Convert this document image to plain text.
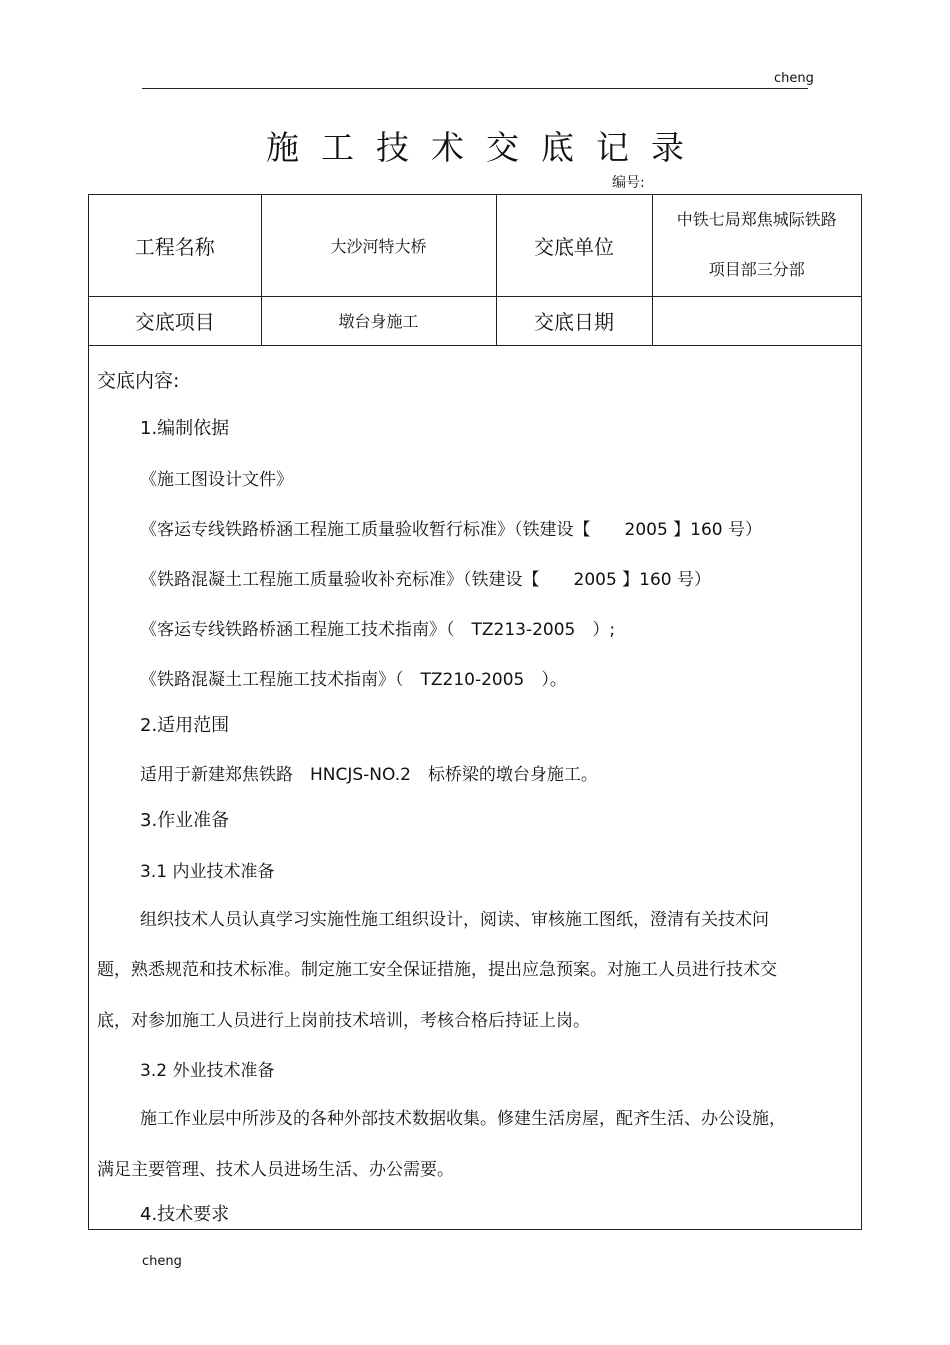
cheng
施工技术交底记录
编号:
工程名称	大沙河特大桥	交底单位	中铁七局郑焦城际铁路
项目部三分部

交底项目	墩台身施工	交底日期	
交底内容:
1.编制依据
《施工图设计文件》
《客运专线铁路桥涵工程施工质量验收暂行标准》（铁建设【　　2005 】160 号）
《铁路混凝土工程施工质量验收补充标准》（铁建设【　　2005 】160 号）
《客运专线铁路桥涵工程施工技术指南》（　TZ213-2005　）;
《铁路混凝土工程施工技术指南》（　TZ210-2005　）。
2.适用范围
适用于新建郑焦铁路　HNCJS-NO.2　标桥梁的墩台身施工。
3.作业准备
3.1 内业技术准备
组织技术人员认真学习实施性施工组织设计，阅读、审核施工图纸，澄清有关技术问
题，熟悉规范和技术标准。制定施工安全保证措施，提出应急预案。对施工人员进行技术交
底，对参加施工人员进行上岗前技术培训，考核合格后持证上岗。
3.2 外业技术准备
施工作业层中所涉及的各种外部技术数据收集。修建生活房屋，配齐生活、办公设施，
满足主要管理、技术人员进场生活、办公需要。
4.技术要求
cheng
